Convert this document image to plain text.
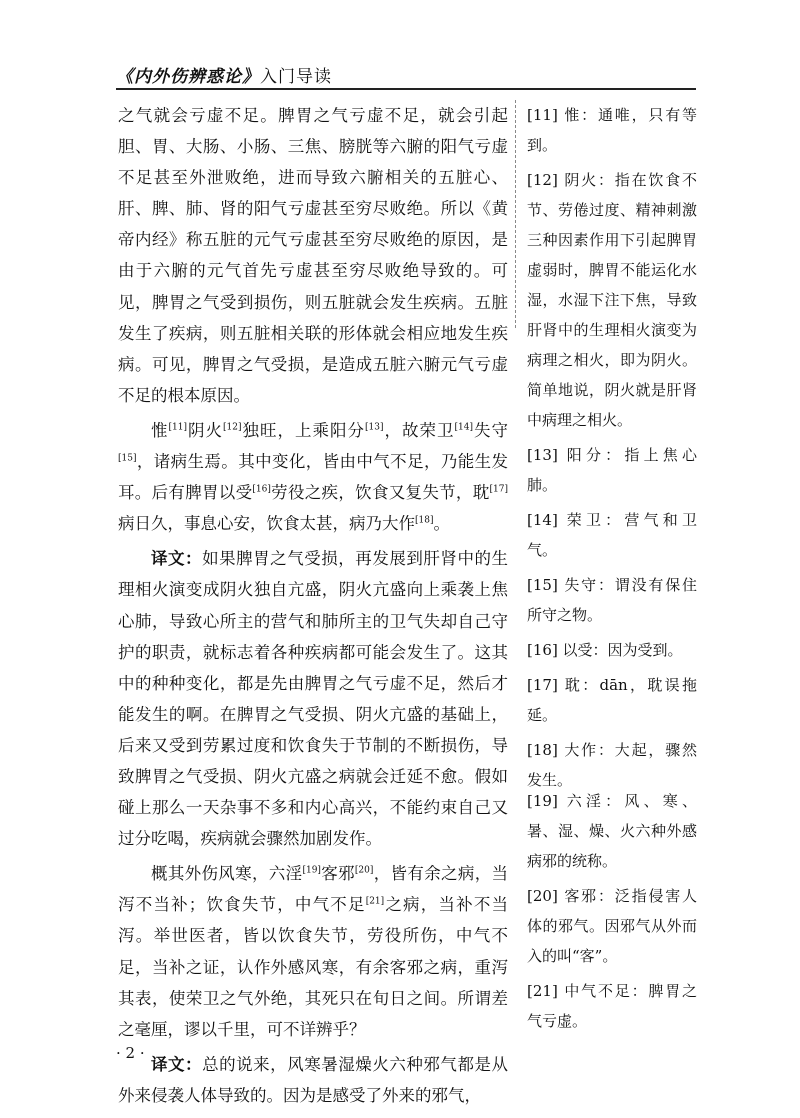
《内外伤辨惑论》入门导读

之气就会亏虚不足。脾胃之气亏虚不足，就会引起胆、胃、大肠、小肠、三焦、膀胱等六腑的阳气亏虚不足甚至外泄败绝，进而导致六腑相关的五脏心、肝、脾、肺、肾的阳气亏虚甚至穷尽败绝。所以《黄帝内经》称五脏的元气亏虚甚至穷尽败绝的原因，是由于六腑的元气首先亏虚甚至穷尽败绝导致的。可见，脾胃之气受到损伤，则五脏就会发生疾病。五脏发生了疾病，则五脏相关联的形体就会相应地发生疾病。可见，脾胃之气受损，是造成五脏六腑元气亏虚不足的根本原因。

惟[11]阴火[12]独旺，上乘阳分[13]，故荣卫[14]失守[15]，诸病生焉。其中变化，皆由中气不足，乃能生发耳。后有脾胃以受[16]劳役之疾，饮食又复失节，耽[17]病日久，事息心安，饮食太甚，病乃大作[18]。

译文：如果脾胃之气受损，再发展到肝肾中的生理相火演变成阴火独自亢盛，阴火亢盛向上乘袭上焦心肺，导致心所主的营气和肺所主的卫气失却自己守护的职责，就标志着各种疾病都可能会发生了。这其中的种种变化，都是先由脾胃之气亏虚不足，然后才能发生的啊。在脾胃之气受损、阴火亢盛的基础上，后来又受到劳累过度和饮食失于节制的不断损伤，导致脾胃之气受损、阴火亢盛之病就会迁延不愈。假如碰上那么一天杂事不多和内心高兴，不能约束自己又过分吃喝，疾病就会骤然加剧发作。

概其外伤风寒，六淫[19]客邪[20]，皆有余之病，当泻不当补；饮食失节，中气不足[21]之病，当补不当泻。举世医者，皆以饮食失节，劳役所伤，中气不足，当补之证，认作外感风寒，有余客邪之病，重泻其表，使荣卫之气外绝，其死只在旬日之间。所谓差之毫厘，谬以千里，可不详辨乎？

译文：总的说来，风寒暑湿燥火六种邪气都是从外来侵袭人体导致的。因为是感受了外来的邪气，

[11] 惟：通唯，只有等到。

[12] 阴火：指在饮食不节、劳倦过度、精神刺激三种因素作用下引起脾胃虚弱时，脾胃不能运化水湿，水湿下注下焦，导致肝肾中的生理相火演变为病理之相火，即为阴火。简单地说，阴火就是肝肾中病理之相火。

[13] 阳分：指上焦心肺。

[14] 荣卫：营气和卫气。

[15] 失守：谓没有保住所守之物。

[16] 以受：因为受到。

[17] 耽：dān，耽误拖延。

[18] 大作：大起，骤然发生。

[19] 六淫：风、寒、暑、湿、燥、火六种外感病邪的统称。

[20] 客邪：泛指侵害人体的邪气。因邪气从外而入的叫“客”。

[21] 中气不足：脾胃之气亏虚。

· 2 ·
